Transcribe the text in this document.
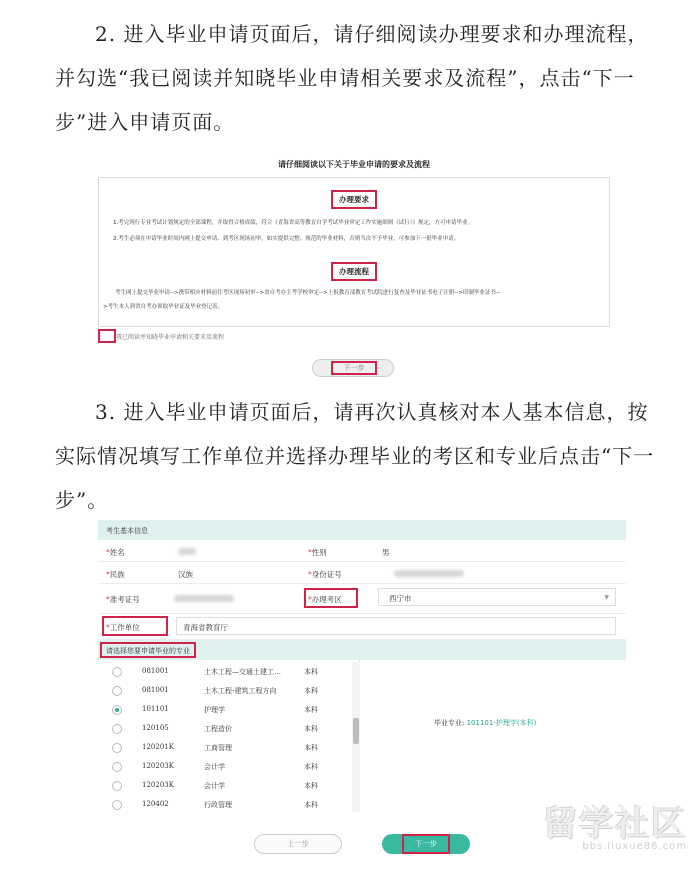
2. 进入毕业申请页面后，请仔细阅读办理要求和办理流程，并勾选“我已阅读并知晓毕业申请相关要求及流程”，点击“下一步”进入申请页面。
请仔细阅读以下关于毕业申请的要求及流程
办理要求
1.考完现行专业考试计划规定的全部课程，并取得合格成绩，符合《青海省高等教育自学考试毕业审定工作实施细则（试行）》规定，方可申请毕业。
2.考生必须在申请毕业时间内网上提交申请、到考区现场初审，如实提供完整、规范的毕业材料，否则当次不予毕业，可参加下一批毕业申请。
办理流程
考生网上提交毕业申请-->携带相应材料前往考区现场初审-->省自考办主考学校审定-->上报教育部教育考试院进行复查及毕业证书电子注册-->印制毕业证书--
>考生本人到省自考办领取毕业证及毕业登记表。
我已阅读并知晓毕业申请相关要求及流程
下一步
3. 进入毕业申请页面后，请再次认真核对本人基本信息，按实际情况填写工作单位并选择办理毕业的考区和专业后点击“下一步”。
考生基本信息
*姓名	*性别	男
*民族	汉族	*身份证号
*准考证号	*办理考区	西宁市	▼
*工作单位	青海省教育厅
请选择您要申请毕业的专业
081001	土木工程—交通土建工…	本科
081001	土木工程-建筑工程方向	本科
101101	护理学	本科
120105	工程造价	本科
120201K	工商管理	本科
120203K	会计学	本科
120203K	会计学	本科
120402	行政管理	本科
毕业专业: 101101-护理学(本科)
上一步	下一步	留学社区
bbs.liuxue86.com
